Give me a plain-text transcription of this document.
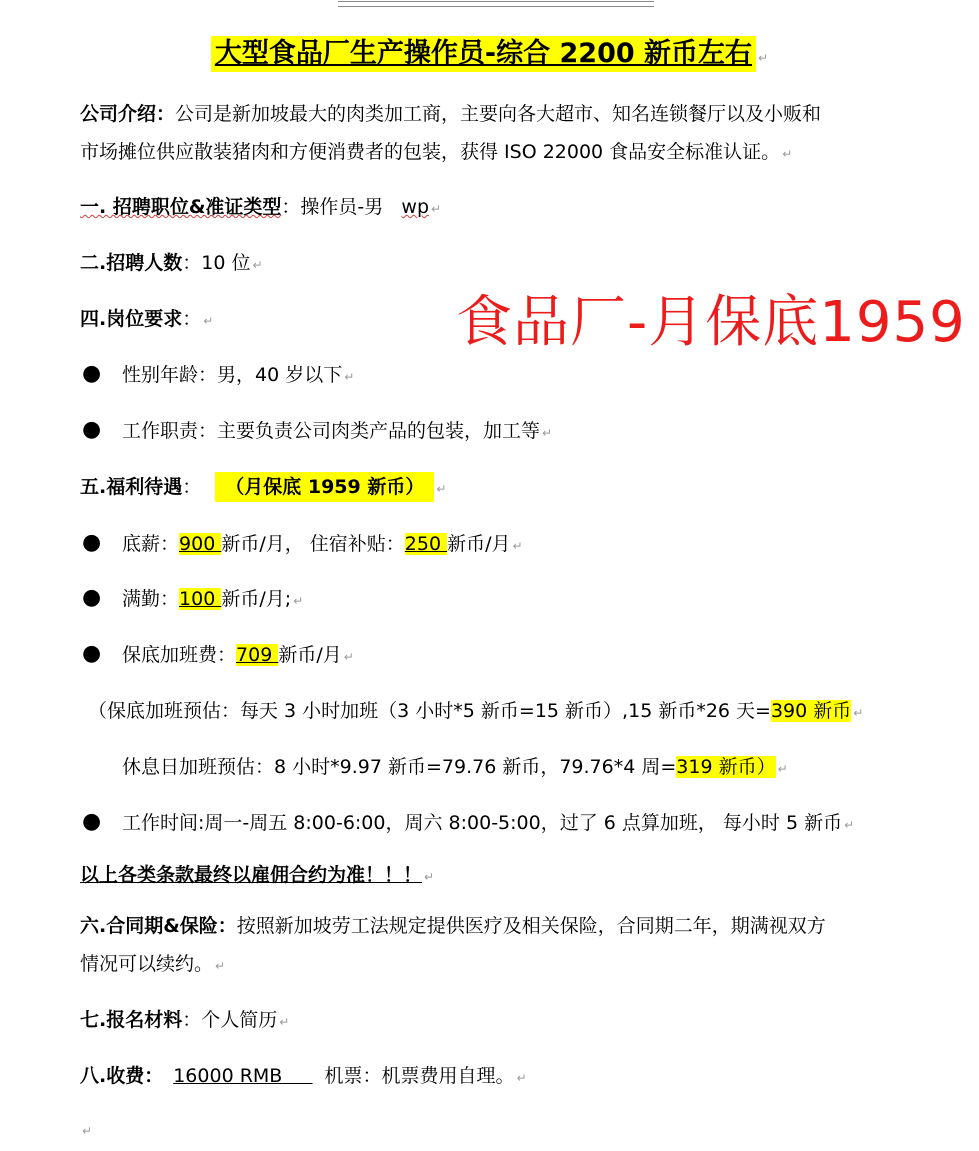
大型食品厂生产操作员-综合 2200 新币左右 ↵
公司介绍：公司是新加坡最大的肉类加工商，主要向各大超市、知名连锁餐厅以及小贩和
市场摊位供应散装猪肉和方便消费者的包装，获得 ISO 22000 食品安全标准认证。 ↵
一. 招聘职位&准证类型：操作员-男   wp ↵
二.招聘人数：10 位 ↵
四.岗位要求： ↵	食品厂-月保底1959
● 性别年龄：男，40 岁以下 ↵
● 工作职责：主要负责公司肉类产品的包装，加工等 ↵
五.福利待遇： （月保底 1959 新币） ↵
● 底薪：900 新币/月， 住宿补贴：250 新币/月 ↵
● 满勤：100 新币/月; ↵
● 保底加班费：709 新币/月 ↵
（保底加班预估：每天 3 小时加班（3 小时*5 新币=15 新币）,15 新币*26 天=390 新币 ↵
休息日加班预估：8 小时*9.97 新币=79.76 新币，79.76*4 周=319 新币） ↵
● 工作时间:周一-周五 8:00-6:00，周六 8:00-5:00，过了 6 点算加班， 每小时 5 新币 ↵
以上各类条款最终以雇佣合约为准！！！ ↵
六.合同期&保险：按照新加坡劳工法规定提供医疗及相关保险，合同期二年，期满视双方
情况可以续约。 ↵
七.报名材料：个人简历 ↵
八.收费： 16000 RMB 机票：机票费用自理。 ↵
↵
